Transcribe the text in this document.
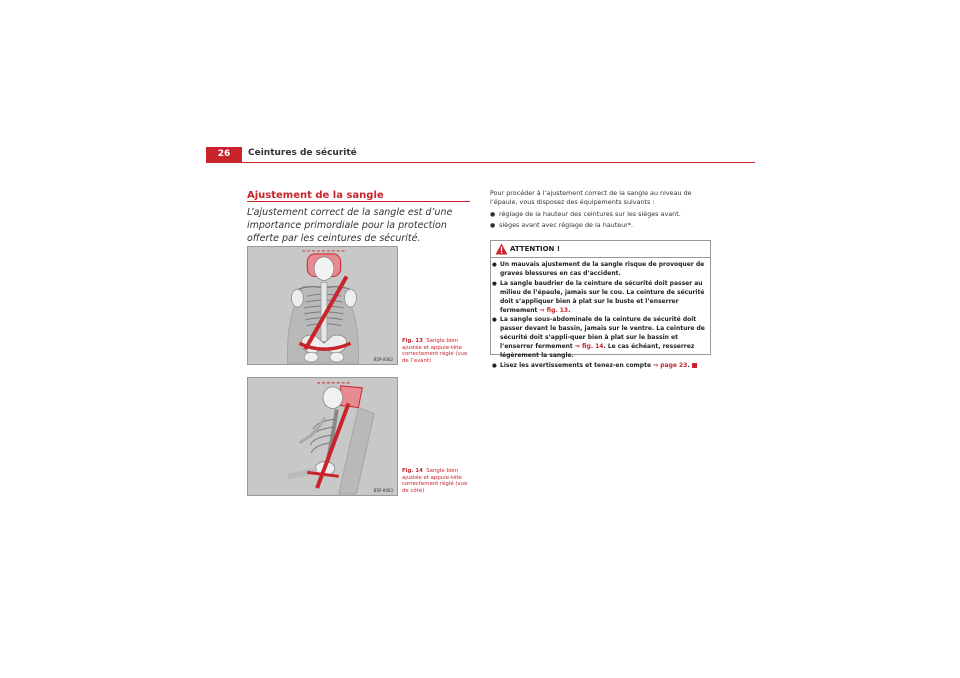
26	Ceintures de sécurité
Ajustement de la sangle
L’ajustement correct de la sangle est d’une importance primordiale pour la protection offerte par les ceintures de sécurité.
B5P-0062
Fig. 13 Sangle bien ajustée et appuie-tête correctement réglé (vue de l’avant)
B5P-0063
Fig. 14 Sangle bien ajustée et appuie-tête correctement réglé (vue de côté)

Pour procéder à l’ajustement correct de la sangle au niveau de l’épaule, vous disposez des équipements suivants :

● réglage de la hauteur des ceintures sur les sièges avant.
● sièges avant avec réglage de la hauteur*.
ATTENTION !
● Un mauvais ajustement de la sangle risque de provoquer de graves blessures en cas d’accident.
● La sangle baudrier de la ceinture de sécurité doit passer au milieu de l’épaule, jamais sur le cou. La ceinture de sécurité doit s’appliquer bien à plat sur le buste et l’enserrer fermement ⇒ fig. 13.
● La sangle sous-abdominale de la ceinture de sécurité doit passer devant le bassin, jamais sur le ventre. La ceinture de sécurité doit s’appli-quer bien à plat sur le bassin et l’enserrer fermement ⇒ fig. 14. Le cas échéant, resserrez légèrement la sangle.
● Lisez les avertissements et tenez-en compte ⇒ page 23.
